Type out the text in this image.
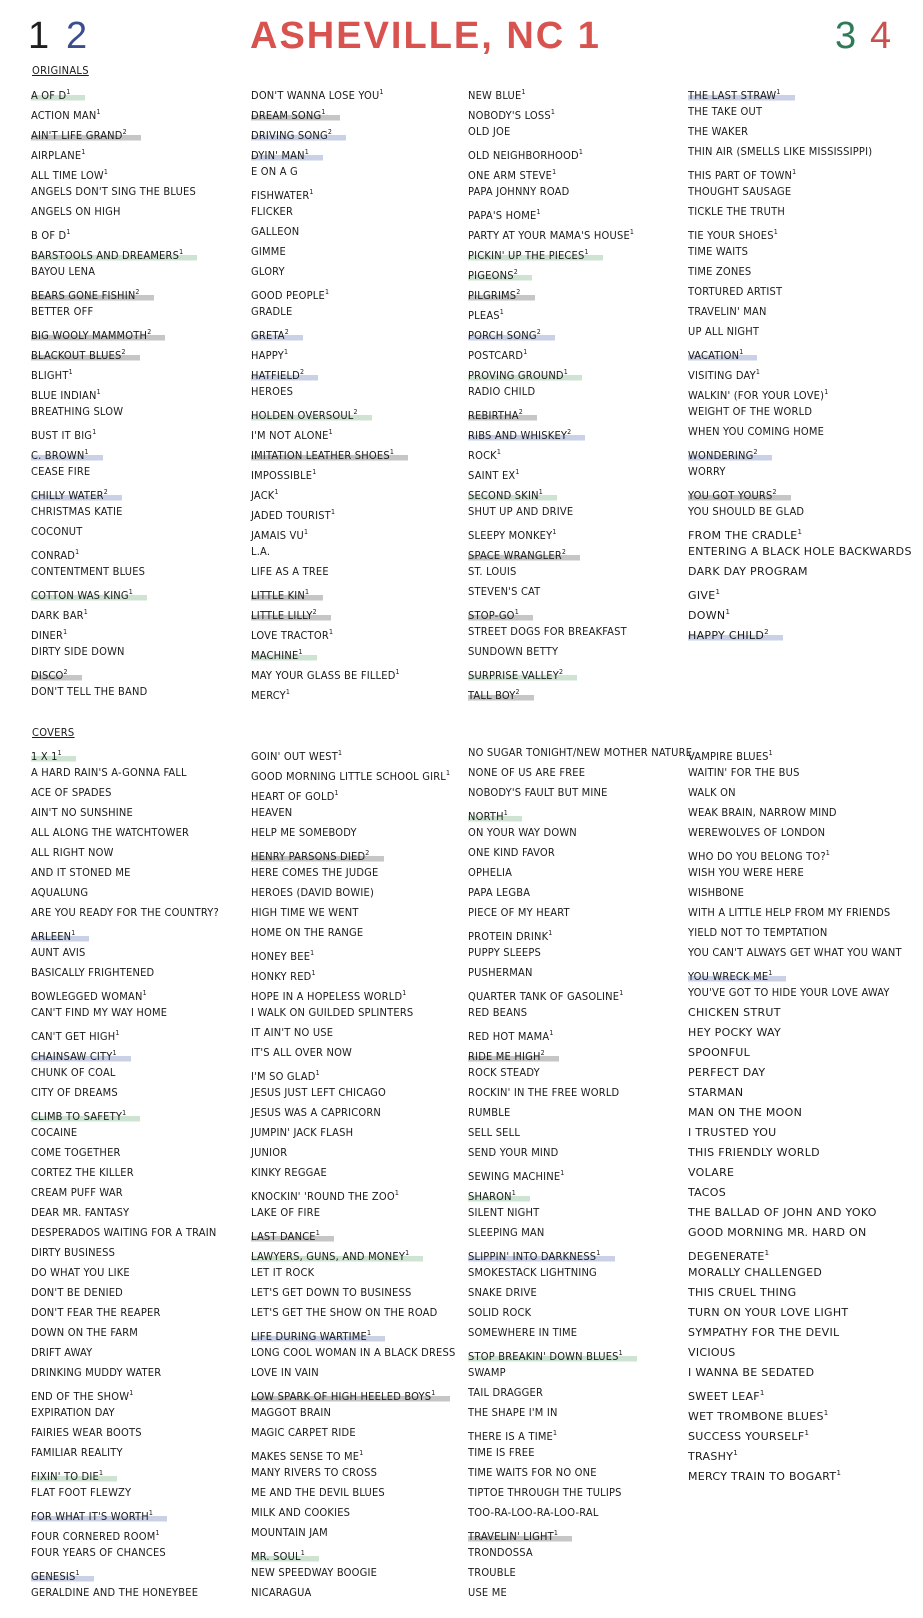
1 2	ASHEVILLE, NC 1	3 4
ORIGINALS
A OF $D^1$
ACTION MAN$^1$
AIN'T LIFE GRAND$^2$
AIRPLANE$^1$
ALL TIME LOW$^1$
ANGELS DON'T SING THE BLUES
ANGELS ON HIGH
B OF $D^1$
BARSTOOLS AND DREAMERS$^1$
BAYOU LENA
BEARS GONE FISHIN$^2$
BETTER OFF
BIG WOOLY MAMMOTH$^2$
BLACKOUT BLUES$^2$
BLIGHT$^1$
BLUE INDIAN$^1$
BREATHING SLOW
BUST IT BIG$^1$
C. BROWN$^1$
CEASE FIRE
CHILLY WATER$^2$
CHRISTMAS KATIE
COCONUT
CONRAD$^1$
CONTENTMENT BLUES
COTTON WAS KING$^1$
DARK BAR$^1$
DINER$^1$
DIRTY SIDE DOWN
DISCO$^2$
DON'T TELL THE BAND
DON'T WANNA LOSE YOU$^1$
DREAM SONG$^1$
DRIVING SONG$^2$
DYIN' MAN$^1$
E ON A G
FISHWATER$^1$
FLICKER
GALLEON
GIMME
GLORY
GOOD PEOPLE$^1$
GRADLE
GRETA$^2$
HAPPY$^1$
HATFIELD$^2$
HEROES
HOLDEN OVERSOUL$^2$
I'M NOT ALONE$^1$
IMITATION LEATHER SHOES$^1$
IMPOSSIBLE$^1$
JACK$^1$
JADED TOURIST$^1$
JAMAIS $VU^1$
L.A.
LIFE AS A TREE
LITTLE KIN$^1$
LITTLE LILLY$^2$
LOVE TRACTOR$^1$
MACHINE$^1$
MAY YOUR GLASS BE FILLED$^1$
MERCY$^1$
NEW BLUE$^1$
NOBODY'S LOSS$^1$
OLD JOE
OLD NEIGHBORHOOD$^1$
ONE ARM STEVE$^1$
PAPA JOHNNY ROAD
PAPA'S HOME$^1$
PARTY AT YOUR MAMA'S HOUSE$^1$
PICKIN' UP THE PIECES$^1$
PIGEONS$^2$
PILGRIMS$^2$
PLEAS$^1$
PORCH SONG$^2$
POSTCARD$^1$
PROVING GROUND$^1$
RADIO CHILD
REBIRTHA$^2$
RIBS AND WHISKEY$^2$
ROCK$^1$
SAINT $EX^1$
SECOND SKIN$^1$
SHUT UP AND DRIVE
SLEEPY MONKEY$^1$
SPACE WRANGLER$^2$
ST. LOUIS
STEVEN'S CAT
STOP-$GO^1$
STREET DOGS FOR BREAKFAST
SUNDOWN BETTY
SURPRISE VALLEY$^2$
TALL BOY$^2$
THE LAST STRAW$^1$
THE TAKE OUT
THE WAKER
THIN AIR (SMELLS LIKE MISSISSIPPI)
THIS PART OF TOWN$^1$
THOUGHT SAUSAGE
TICKLE THE TRUTH
TIE YOUR SHOES$^1$
TIME WAITS
TIME ZONES
TORTURED ARTIST
TRAVELIN' MAN
UP ALL NIGHT
VACATION$^1$
VISITING DAY$^1$
WALKIN' (FOR YOUR LOVE)$^1$
WEIGHT OF THE WORLD
WHEN YOU COMING HOME
WONDERING$^2$
WORRY
YOU GOT YOURS$^2$
YOU SHOULD BE GLAD
FROM THE CRADLE$^1$
ENTERING A BLACK HOLE BACKWARDS
DARK DAY PROGRAM
GIVE$^1$
DOWN$^1$
HAPPY CHILD$^2$
COVERS
1 X $1^1$
A HARD RAIN'S A-GONNA FALL
ACE OF SPADES
AIN'T NO SUNSHINE
ALL ALONG THE WATCHTOWER
ALL RIGHT NOW
AND IT STONED ME
AQUALUNG
ARE YOU READY FOR THE COUNTRY?
ARLEEN$^1$
AUNT AVIS
BASICALLY FRIGHTENED
BOWLEGGED WOMAN$^1$
CAN'T FIND MY WAY HOME
CAN'T GET HIGH$^1$
CHAINSAW CITY$^1$
CHUNK OF COAL
CITY OF DREAMS
CLIMB TO SAFETY$^1$
COCAINE
COME TOGETHER
CORTEZ THE KILLER
CREAM PUFF WAR
DEAR MR. FANTASY
DESPERADOS WAITING FOR A TRAIN
DIRTY BUSINESS
DO WHAT YOU LIKE
DON'T BE DENIED
DON'T FEAR THE REAPER
DOWN ON THE FARM
DRIFT AWAY
DRINKING MUDDY WATER
END OF THE SHOW$^1$
EXPIRATION DAY
FAIRIES WEAR BOOTS
FAMILIAR REALITY
FIXIN' TO DIE$^1$
FLAT FOOT FLEWZY
FOR WHAT IT'S WORTH$^1$
FOUR CORNERED ROOM$^1$
FOUR YEARS OF CHANCES
GENESIS$^1$
GERALDINE AND THE HONEYBEE
GOIN' OUT WEST$^1$
GOOD MORNING LITTLE SCHOOL GIRL$^1$
HEART OF GOLD$^1$
HEAVEN
HELP ME SOMEBODY
HENRY PARSONS DIED$^2$
HERE COMES THE JUDGE
HEROES (DAVID BOWIE)
HIGH TIME WE WENT
HOME ON THE RANGE
HONEY BEE$^1$
HONKY RED$^1$
HOPE IN A HOPELESS WORLD$^1$
I WALK ON GUILDED SPLINTERS
IT AIN'T NO USE
IT'S ALL OVER NOW
I'M SO GLAD$^1$
JESUS JUST LEFT CHICAGO
JESUS WAS A CAPRICORN
JUMPIN' JACK FLASH
JUNIOR
KINKY REGGAE
KNOCKIN' 'ROUND THE ZOO$^1$
LAKE OF FIRE
LAST DANCE$^1$
LAWYERS, GUNS, AND MONEY$^1$
LET IT ROCK
LET'S GET DOWN TO BUSINESS
LET'S GET THE SHOW ON THE ROAD
LIFE DURING WARTIME$^1$
LONG COOL WOMAN IN A BLACK DRESS
LOVE IN VAIN
LOW SPARK OF HIGH HEELED BOYS$^1$
MAGGOT BRAIN
MAGIC CARPET RIDE
MAKES SENSE TO $ME^1$
MANY RIVERS TO CROSS
ME AND THE DEVIL BLUES
MILK AND COOKIES
MOUNTAIN JAM
MR. SOUL$^1$
NEW SPEEDWAY BOOGIE
NICARAGUA
NO SUGAR TONIGHT/NEW MOTHER NATURE
NONE OF US ARE FREE
NOBODY'S FAULT BUT MINE
NORTH$^1$
ON YOUR WAY DOWN
ONE KIND FAVOR
OPHELIA
PAPA LEGBA
PIECE OF MY HEART
PROTEIN DRINK$^1$
PUPPY SLEEPS
PUSHERMAN
QUARTER TANK OF GASOLINE$^1$
RED BEANS
RED HOT MAMA$^1$
RIDE ME HIGH$^2$
ROCK STEADY
ROCKIN' IN THE FREE WORLD
RUMBLE
SELL SELL
SEND YOUR MIND
SEWING MACHINE$^1$
SHARON$^1$
SILENT NIGHT
SLEEPING MAN
SLIPPIN' INTO DARKNESS$^1$
SMOKESTACK LIGHTNING
SNAKE DRIVE
SOLID ROCK
SOMEWHERE IN TIME
STOP BREAKIN' DOWN BLUES$^1$
SWAMP
TAIL DRAGGER
THE SHAPE I'M IN
THERE IS A TIME$^1$
TIME IS FREE
TIME WAITS FOR NO ONE
TIPTOE THROUGH THE TULIPS
TOO-RA-LOO-RA-LOO-RAL
TRAVELIN' LIGHT$^1$
TRONDOSSA
TROUBLE
USE ME
VAMPIRE BLUES$^1$
WAITIN' FOR THE BUS
WALK ON
WEAK BRAIN, NARROW MIND
WEREWOLVES OF LONDON
WHO DO YOU BELONG TO?$^1$
WISH YOU WERE HERE
WISHBONE
WITH A LITTLE HELP FROM MY FRIENDS
YIELD NOT TO TEMPTATION
YOU CAN'T ALWAYS GET WHAT YOU WANT
YOU WRECK $ME^1$
YOU'VE GOT TO HIDE YOUR LOVE AWAY
CHICKEN STRUT
HEY POCKY WAY
SPOONFUL
PERFECT DAY
STARMAN
MAN ON THE MOON
I TRUSTED YOU
THIS FRIENDLY WORLD
VOLARE
TACOS
THE BALLAD OF JOHN AND YOKO
GOOD MORNING MR. HARD ON
DEGENERATE$^1$
MORALLY CHALLENGED
THIS CRUEL THING
TURN ON YOUR LOVE LIGHT
SYMPATHY FOR THE DEVIL
VICIOUS
I WANNA BE SEDATED
SWEET LEAF$^1$
WET TROMBONE BLUES$^1$
SUCCESS YOURSELF$^1$
TRASHY$^1$
MERCY TRAIN TO BOGART$^1$
